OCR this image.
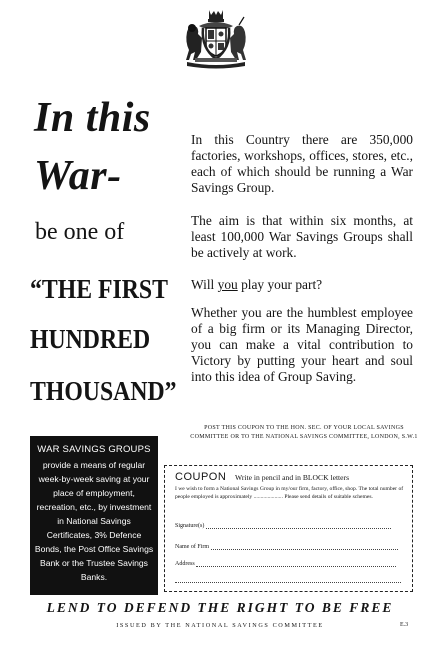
In this
War-
be one of
“THE FIRST
HUNDRED
THOUSAND”

In this Country there are 350,000 factories, workshops, offices, stores, etc., each of which should be running a War Savings Group.

The aim is that within six months, at least 100,000 War Savings Groups shall be actively at work.

Will you play your part?

Whether you are the humblest employee of a big firm or its Managing Director, you can make a vital contribution to Victory by putting your heart and soul into this idea of Group Saving.

POST THIS COUPON TO THE HON. SEC. OF YOUR LOCAL SAVINGS COMMITTEE OR TO THE NATIONAL SAVINGS COMMITTEE, LONDON, S.W.1
WAR SAVINGS GROUPS
provide a means of regular week-by-week saving at your place of employment, recreation, etc., by investment in National Savings Certificates, 3% Defence Bonds, the Post Office Savings Bank or the Trustee Savings Banks.
COUPON Write in pencil and in BLOCK letters
I we wish to form a National Savings Group in my/our firm, factory, office, shop. The total number of people employed is approximately ..................... Please send details of suitable schemes.
Signature(s)
Name of Firm
Address
LEND TO DEFEND THE RIGHT TO BE FREE
ISSUED BY THE NATIONAL SAVINGS COMMITTEE	E.3
